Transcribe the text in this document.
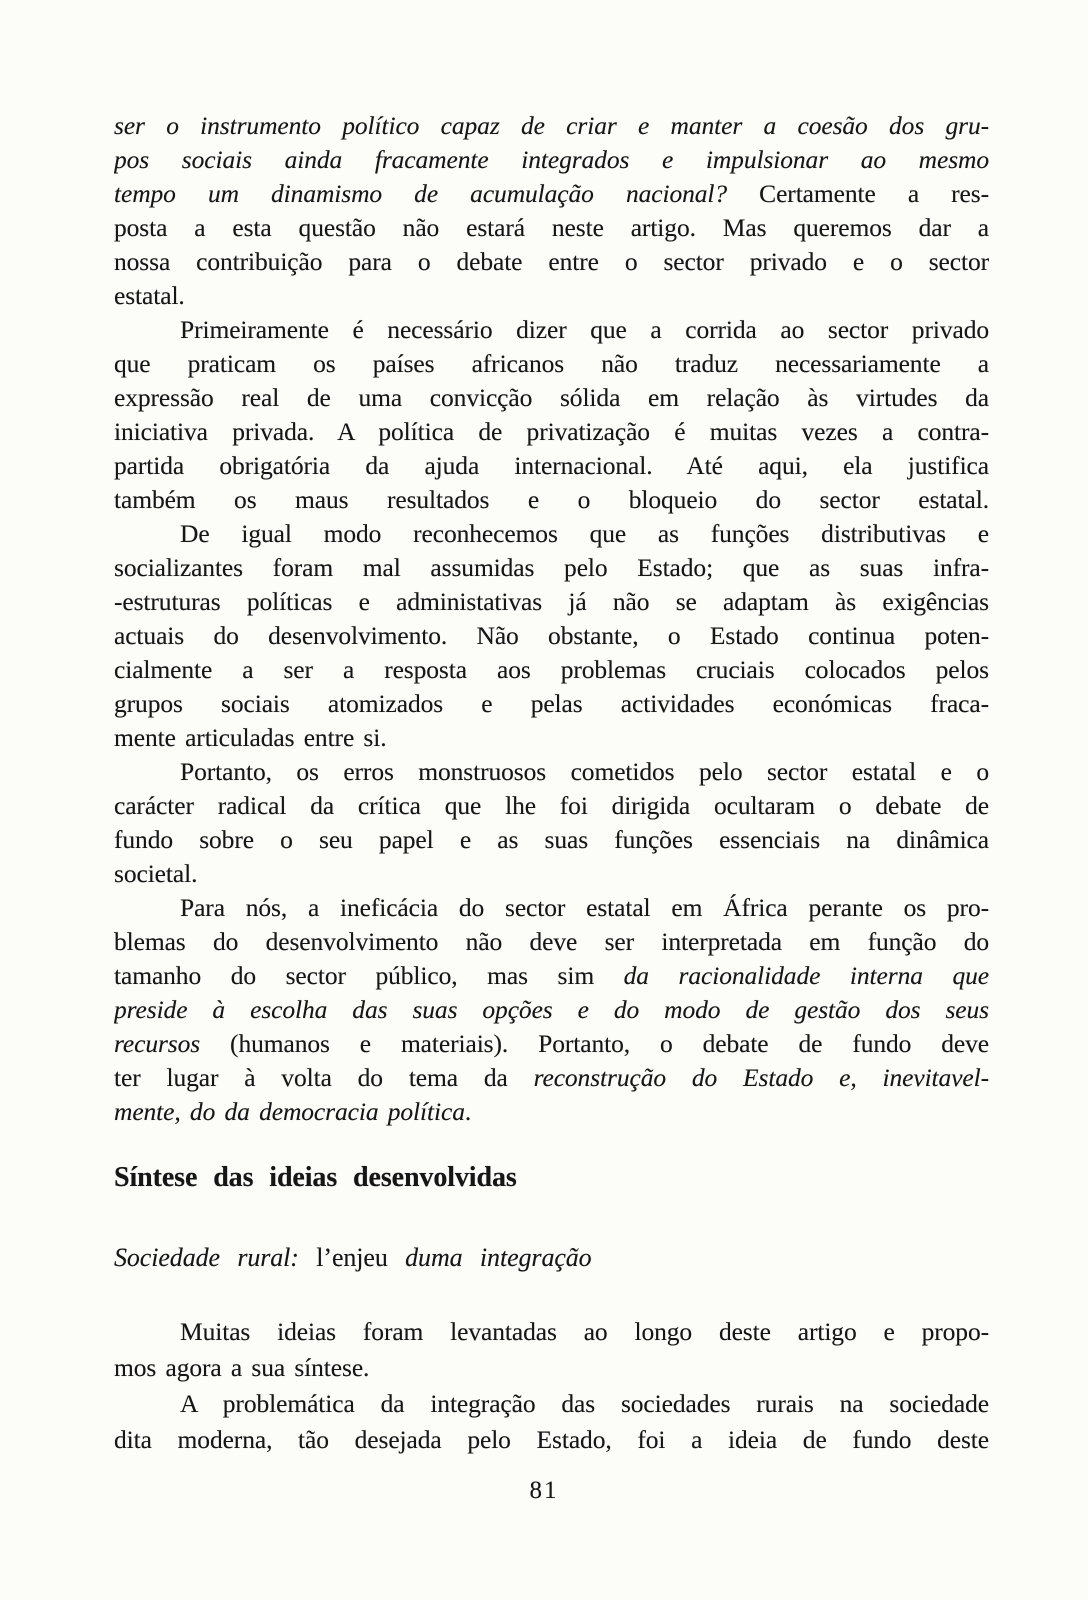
ser o instrumento político capaz de criar e manter a coesão dos gru-
pos sociais ainda fracamente integrados e impulsionar ao mesmo
tempo um dinamismo de acumulação nacional? Certamente a res-
posta a esta questão não estará neste artigo. Mas queremos dar a
nossa contribuição para o debate entre o sector privado e o sector
estatal.
Primeiramente é necessário dizer que a corrida ao sector privado
que praticam os países africanos não traduz necessariamente a
expressão real de uma convicção sólida em relação às virtudes da
iniciativa privada. A política de privatização é muitas vezes a contra-
partida obrigatória da ajuda internacional. Até aqui, ela justifica
também os maus resultados e o bloqueio do sector estatal.
De igual modo reconhecemos que as funções distributivas e
socializantes foram mal assumidas pelo Estado; que as suas infra-
-estruturas políticas e administativas já não se adaptam às exigências
actuais do desenvolvimento. Não obstante, o Estado continua poten-
cialmente a ser a resposta aos problemas cruciais colocados pelos
grupos sociais atomizados e pelas actividades económicas fraca-
mente articuladas entre si.
Portanto, os erros monstruosos cometidos pelo sector estatal e o
carácter radical da crítica que lhe foi dirigida ocultaram o debate de
fundo sobre o seu papel e as suas funções essenciais na dinâmica
societal.
Para nós, a ineficácia do sector estatal em África perante os pro-
blemas do desenvolvimento não deve ser interpretada em função do
tamanho do sector público, mas sim da racionalidade interna que
preside à escolha das suas opções e do modo de gestão dos seus
recursos (humanos e materiais). Portanto, o debate de fundo deve
ter lugar à volta do tema da reconstrução do Estado e, inevitavel-
mente, do da democracia política.
Síntese das ideias desenvolvidas
Sociedade rural: l’enjeu duma integração
Muitas ideias foram levantadas ao longo deste artigo e propo-
mos agora a sua síntese.
A problemática da integração das sociedades rurais na sociedade
dita moderna, tão desejada pelo Estado, foi a ideia de fundo deste
81
